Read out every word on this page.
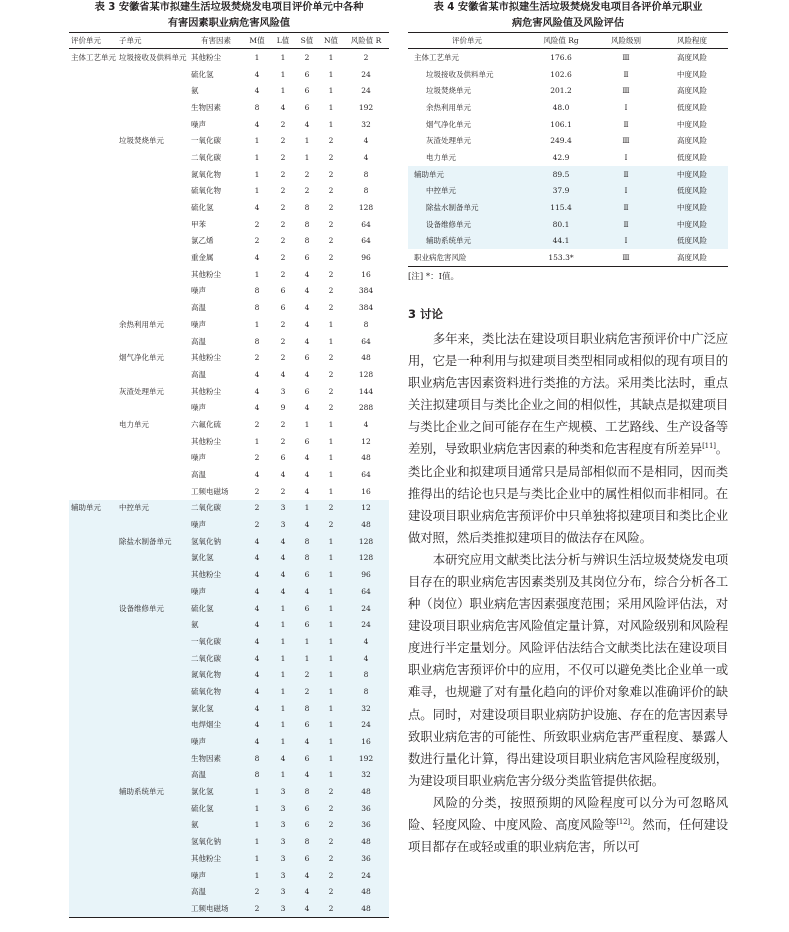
表 3 安徽省某市拟建生活垃圾焚烧发电项目评价单元中各种
有害因素职业病危害风险值
评价单元	子单元	有害因素	M值	L值	S值	N值	风险值 R
主体工艺单元	垃圾接收及供料单元	其他粉尘	1	1	2	1	2
		硫化氢	4	1	6	1	24
		氨	4	1	6	1	24
		生物因素	8	4	6	1	192
		噪声	4	2	4	1	32
	垃圾焚烧单元	一氧化碳	1	2	1	2	4
		二氧化碳	1	2	1	2	4
		氮氧化物	1	2	2	2	8
		硫氧化物	1	2	2	2	8
		硫化氢	4	2	8	2	128
		甲苯	2	2	8	2	64
		氯乙烯	2	2	8	2	64
		重金属	4	2	6	2	96
		其他粉尘	1	2	4	2	16
		噪声	8	6	4	2	384
		高温	8	6	4	2	384
	余热利用单元	噪声	1	2	4	1	8
		高温	8	2	4	1	64
	烟气净化单元	其他粉尘	2	2	6	2	48
		高温	4	4	4	2	128
	灰渣处理单元	其他粉尘	4	3	6	2	144
		噪声	4	9	4	2	288
	电力单元	六氟化硫	2	2	1	1	4
		其他粉尘	1	2	6	1	12
		噪声	2	6	4	1	48
		高温	4	4	4	1	64
		工频电磁场	2	2	4	1	16
辅助单元	中控单元	二氧化碳	2	3	1	2	12
		噪声	2	3	4	2	48
	除盐水制备单元	氢氧化钠	4	4	8	1	128
		氯化氢	4	4	8	1	128
		其他粉尘	4	4	6	1	96
		噪声	4	4	4	1	64
	设备维修单元	硫化氢	4	1	6	1	24
		氨	4	1	6	1	24
		一氧化碳	4	1	1	1	4
		二氧化碳	4	1	1	1	4
		氮氧化物	4	1	2	1	8
		硫氧化物	4	1	2	1	8
		氯化氢	4	1	8	1	32
		电焊烟尘	4	1	6	1	24
		噪声	4	1	4	1	16
		生物因素	8	4	6	1	192
		高温	8	1	4	1	32
	辅助系统单元	氯化氢	1	3	8	2	48
		硫化氢	1	3	6	2	36
		氨	1	3	6	2	36
		氢氧化钠	1	3	8	2	48
		其他粉尘	1	3	6	2	36
		噪声	1	3	4	2	24
		高温	2	3	4	2	48
		工频电磁场	2	3	4	2	48
表 4 安徽省某市拟建生活垃圾焚烧发电项目各评价单元职业
病危害风险值及风险评估
评价单元	风险值 Rg	风险级别	风险程度
主体工艺单元	176.6	Ⅲ	高度风险
垃圾接收及供料单元	102.6	Ⅱ	中度风险
垃圾焚烧单元	201.2	Ⅲ	高度风险
余热利用单元	48.0	Ⅰ	低度风险
烟气净化单元	106.1	Ⅱ	中度风险
灰渣处理单元	249.4	Ⅲ	高度风险
电力单元	42.9	Ⅰ	低度风险
辅助单元	89.5	Ⅱ	中度风险
中控单元	37.9	Ⅰ	低度风险
除盐水制备单元	115.4	Ⅱ	中度风险
设备维修单元	80.1	Ⅱ	中度风险
辅助系统单元	44.1	Ⅰ	低度风险
职业病危害风险	153.3*	Ⅲ	高度风险
[注] *：I值。
3 讨论

多年来，类比法在建设项目职业病危害预评价中广泛应用，它是一种利用与拟建项目类型相同或相似的现有项目的职业病危害因素资料进行类推的方法。采用类比法时，重点关注拟建项目与类比企业之间的相似性，其缺点是拟建项目与类比企业之间可能存在生产规模、工艺路线、生产设备等差别，导致职业病危害因素的种类和危害程度有所差异[11]。类比企业和拟建项目通常只是局部相似而不是相同，因而类推得出的结论也只是与类比企业中的属性相似而非相同。在建设项目职业病危害预评价中只单独将拟建项目和类比企业做对照，然后类推拟建项目的做法存在风险。

本研究应用文献类比法分析与辨识生活垃圾焚烧发电项目存在的职业病危害因素类别及其岗位分布，综合分析各工种（岗位）职业病危害因素强度范围；采用风险评估法，对建设项目职业病危害风险值定量计算，对风险级别和风险程度进行半定量划分。风险评估法结合文献类比法在建设项目职业病危害预评价中的应用，不仅可以避免类比企业单一或难寻，也规避了对有量化趋向的评价对象难以准确评价的缺点。同时，对建设项目职业病防护设施、存在的危害因素导致职业病危害的可能性、所致职业病危害严重程度、暴露人数进行量化计算，得出建设项目职业病危害风险程度级别，为建设项目职业病危害分级分类监管提供依据。

风险的分类，按照预期的风险程度可以分为可忽略风险、轻度风险、中度风险、高度风险等[12]。然而，任何建设项目都存在或轻或重的职业病危害，所以可
